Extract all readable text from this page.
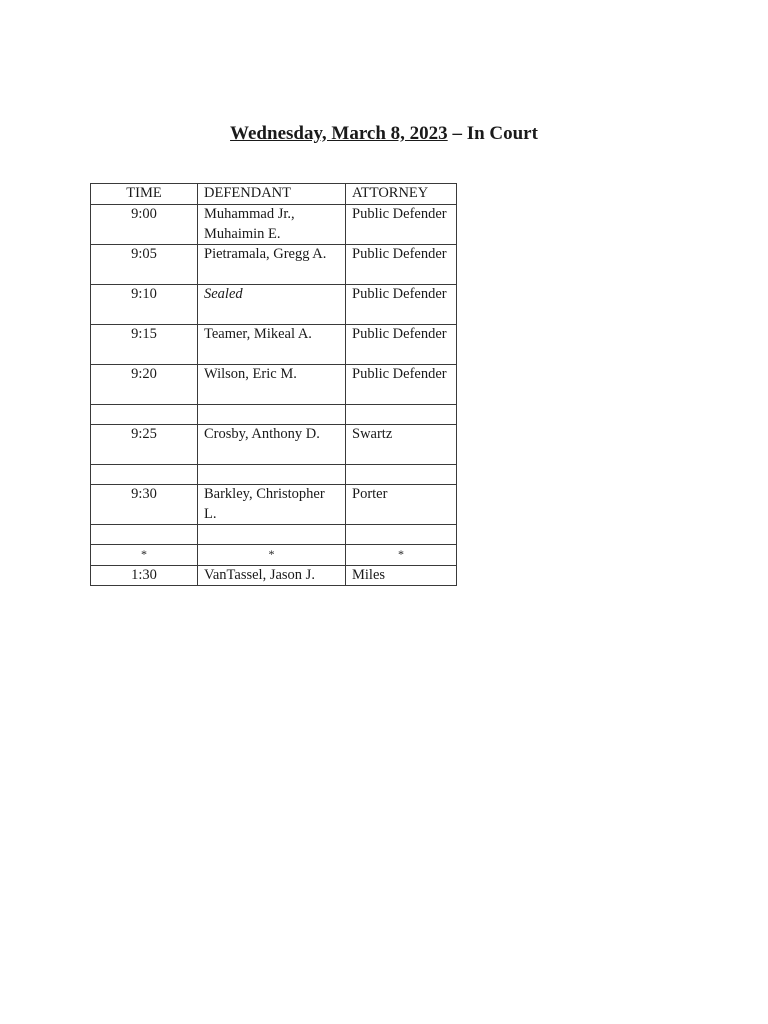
Wednesday, March 8, 2023 – In Court
TIME	DEFENDANT	ATTORNEY
9:00	Muhammad Jr., Muhaimin E.	Public Defender
9:05	Pietramala, Gregg A.	Public Defender
9:10	Sealed	Public Defender
9:15	Teamer, Mikeal A.	Public Defender
9:20	Wilson, Eric M.	Public Defender

9:25	Crosby, Anthony D.	Swartz

9:30	Barkley, Christopher L.	Porter

*	*	*
1:30	VanTassel, Jason J.	Miles
